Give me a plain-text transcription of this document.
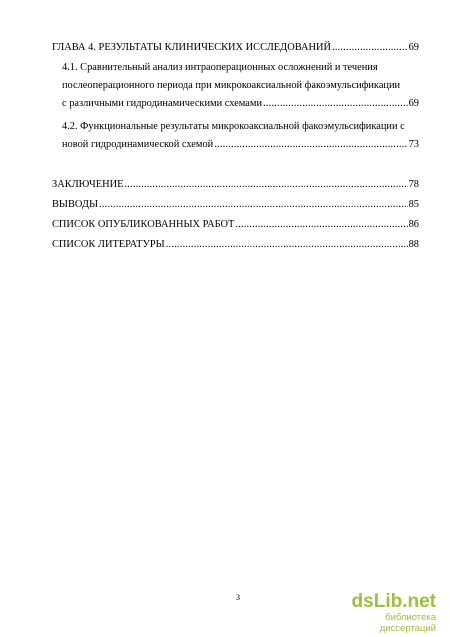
ГЛАВА 4. РЕЗУЛЬТАТЫ КЛИНИЧЕСКИХ ИССЛЕДОВАНИЙ .....	69
4.1. Сравнительный анализ интраоперационных осложнений и течения
послеоперационного периода при микрокоаксиальной факоэмульсификации
с различными гидродинамическими схемами .....	69
4.2. Функциональные результаты микрокоаксиальной факоэмульсификации с
новой гидродинамической схемой .....	73
ЗАКЛЮЧЕНИЕ .....	78
ВЫВОДЫ .....	85
СПИСОК ОПУБЛИКОВАННЫХ РАБОТ .....	86
СПИСОК ЛИТЕРАТУРЫ .....	88
3	dsLib.net
библиотека диссертаций
